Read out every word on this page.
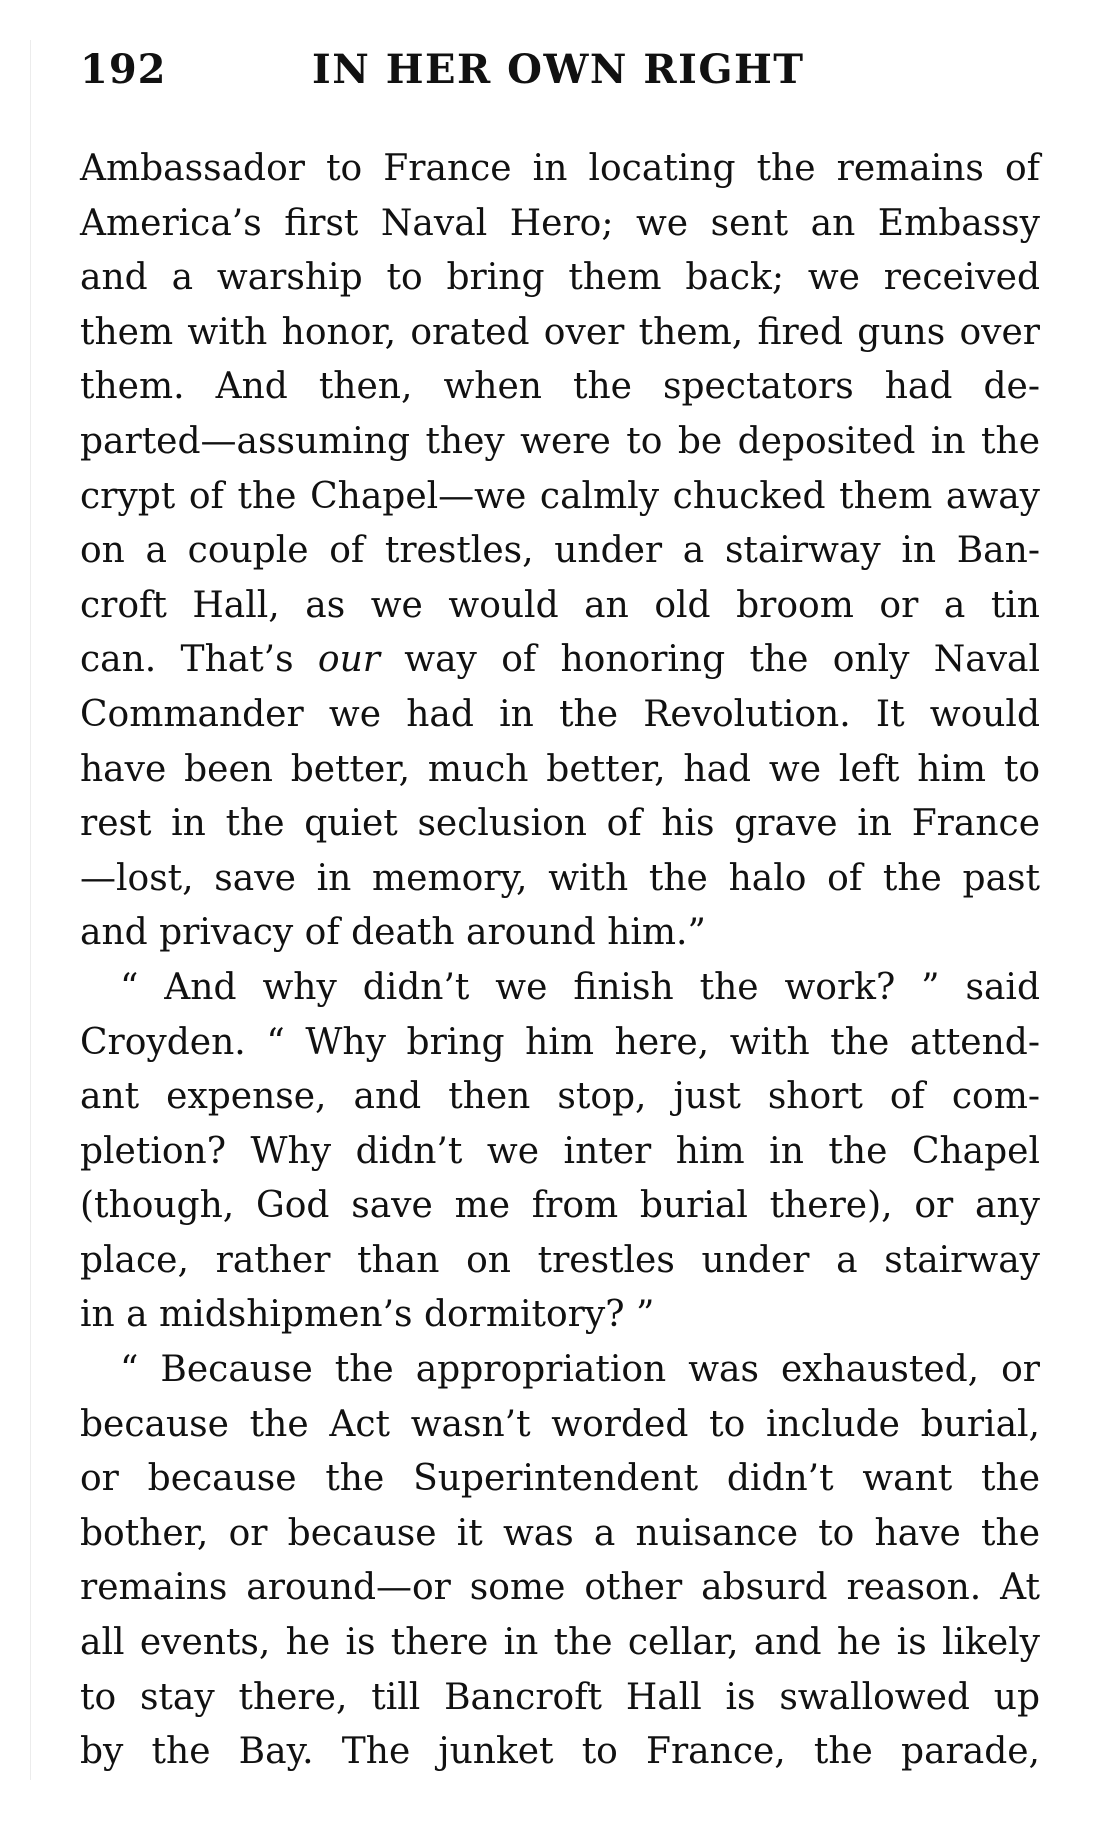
192	IN HER OWN RIGHT
Ambassador to France in locating the remains of
America’s first Naval Hero; we sent an Embassy
and a warship to bring them back; we received
them with honor, orated over them, fired guns over
them. And then, when the spectators had de-
parted—assuming they were to be deposited in the
crypt of the Chapel—we calmly chucked them away
on a couple of trestles, under a stairway in Ban-
croft Hall, as we would an old broom or a tin
can. That’s our way of honoring the only Naval
Commander we had in the Revolution. It would
have been better, much better, had we left him to
rest in the quiet seclusion of his grave in France
—lost, save in memory, with the halo of the past
and privacy of death around him.”
“ And why didn’t we finish the work? ” said
Croyden. “ Why bring him here, with the attend-
ant expense, and then stop, just short of com-
pletion? Why didn’t we inter him in the Chapel
(though, God save me from burial there), or any
place, rather than on trestles under a stairway
in a midshipmen’s dormitory? ”
“ Because the appropriation was exhausted, or
because the Act wasn’t worded to include burial,
or because the Superintendent didn’t want the
bother, or because it was a nuisance to have the
remains around—or some other absurd reason. At
all events, he is there in the cellar, and he is likely
to stay there, till Bancroft Hall is swallowed up
by the Bay. The junket to France, the parade,
